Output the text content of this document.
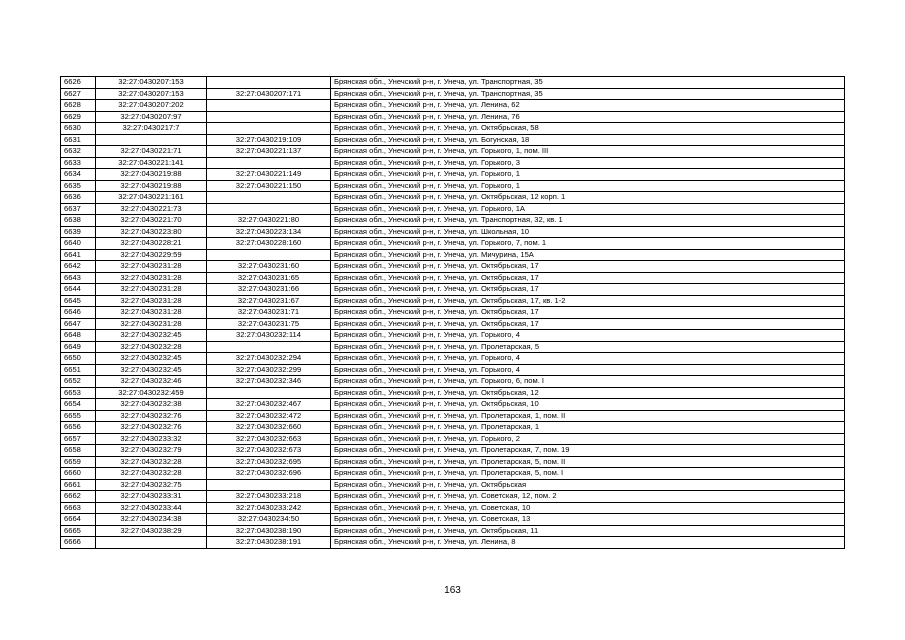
6626	32:27:0430207:153		Брянская обл., Унечский р-н, г. Унеча, ул. Транспортная, 35
6627	32:27:0430207:153	32:27:0430207:171	Брянская обл., Унечский р-н, г. Унеча, ул. Транспортная, 35
6628	32:27:0430207:202		Брянская обл., Унечский р-н, г. Унеча, ул. Ленина, 62
6629	32:27:0430207:97		Брянская обл., Унечский р-н, г. Унеча, ул. Ленина, 76
6630	32:27:0430217:7		Брянская обл., Унечский р-н, г. Унеча, ул. Октябрьская, 58
6631		32:27:0430219:109	Брянская обл., Унечский р-н, г. Унеча, ул. Богунская, 18
6632	32:27:0430221:71	32:27:0430221:137	Брянская обл., Унечский р-н, г. Унеча, ул. Горького, 1, пом. III
6633	32:27:0430221:141		Брянская обл., Унечский р-н, г. Унеча, ул. Горького, 3
6634	32:27:0430219:88	32:27:0430221:149	Брянская обл., Унечский р-н, г. Унеча, ул. Горького, 1
6635	32:27:0430219:88	32:27:0430221:150	Брянская обл., Унечский р-н, г. Унеча, ул. Горького, 1
6636	32:27:0430221:161		Брянская обл., Унечский р-н, г. Унеча, ул. Октябрьская, 12 корп. 1
6637	32:27:0430221:73		Брянская обл., Унечский р-н, г. Унеча, ул. Горького, 1А
6638	32:27:0430221:70	32:27:0430221:80	Брянская обл., Унечский р-н, г. Унеча, ул. Транспортная, 32, кв. 1
6639	32:27:0430223:80	32:27:0430223:134	Брянская обл., Унечский р-н, г. Унеча, ул. Школьная, 10
6640	32:27:0430228:21	32:27:0430228:160	Брянская обл., Унечский р-н, г. Унеча, ул. Горького, 7, пом. 1
6641	32:27:0430229:59		Брянская обл., Унечский р-н, г. Унеча, ул. Мичурина, 15А
6642	32:27:0430231:28	32:27:0430231:60	Брянская обл., Унечский р-н, г. Унеча, ул. Октябрьская, 17
6643	32:27:0430231:28	32:27:0430231:65	Брянская обл., Унечский р-н, г. Унеча, ул. Октябрьская, 17
6644	32:27:0430231:28	32:27:0430231:66	Брянская обл., Унечский р-н, г. Унеча, ул. Октябрьская, 17
6645	32:27:0430231:28	32:27:0430231:67	Брянская обл., Унечский р-н, г. Унеча, ул. Октябрьская, 17, кв. 1-2
6646	32:27:0430231:28	32:27:0430231:71	Брянская обл., Унечский р-н, г. Унеча, ул. Октябрьская, 17
6647	32:27:0430231:28	32:27:0430231:75	Брянская обл., Унечский р-н, г. Унеча, ул. Октябрьская, 17
6648	32:27:0430232:45	32:27:0430232:114	Брянская обл., Унечский р-н, г. Унеча, ул. Горького, 4
6649	32:27:0430232:28		Брянская обл., Унечский р-н, г. Унеча, ул. Пролетарская, 5
6650	32:27:0430232:45	32:27:0430232:294	Брянская обл., Унечский р-н, г. Унеча, ул. Горького, 4
6651	32:27:0430232:45	32:27:0430232:299	Брянская обл., Унечский р-н, г. Унеча, ул. Горького, 4
6652	32:27:0430232:46	32:27:0430232:346	Брянская обл., Унечский р-н, г. Унеча, ул. Горького, 6, пом. I
6653	32:27:0430232:459		Брянская обл., Унечский р-н, г. Унеча, ул. Октябрьская, 12
6654	32:27:0430232:38	32:27:0430232:467	Брянская обл., Унечский р-н, г. Унеча, ул. Октябрьская, 10
6655	32:27:0430232:76	32:27:0430232:472	Брянская обл., Унечский р-н, г. Унеча, ул. Пролетарская, 1, пом. II
6656	32:27:0430232:76	32:27:0430232:660	Брянская обл., Унечский р-н, г. Унеча, ул. Пролетарская, 1
6657	32:27:0430233:32	32:27:0430232:663	Брянская обл., Унечский р-н, г. Унеча, ул. Горького, 2
6658	32:27:0430232:79	32:27:0430232:673	Брянская обл., Унечский р-н, г. Унеча, ул. Пролетарская, 7, пом. 19
6659	32:27:0430232:28	32:27:0430232:695	Брянская обл., Унечский р-н, г. Унеча, ул. Пролетарская, 5, пом. II
6660	32:27:0430232:28	32:27:0430232:696	Брянская обл., Унечский р-н, г. Унеча, ул. Пролетарская, 5, пом. I
6661	32:27:0430232:75		Брянская обл., Унечский р-н, г. Унеча, ул. Октябрьская
6662	32:27:0430233:31	32:27:0430233:218	Брянская обл., Унечский р-н, г. Унеча, ул. Советская, 12, пом. 2
6663	32:27:0430233:44	32:27:0430233:242	Брянская обл., Унечский р-н, г. Унеча, ул. Советская, 10
6664	32:27:0430234:38	32:27:0430234:50	Брянская обл., Унечский р-н, г. Унеча, ул. Советская, 13
6665	32:27:0430238:29	32:27:0430238:190	Брянская обл., Унечский р-н, г. Унеча, ул. Октябрьская, 11
6666		32:27:0430238:191	Брянская обл., Унечский р-н, г. Унеча, ул. Ленина, 8
163
